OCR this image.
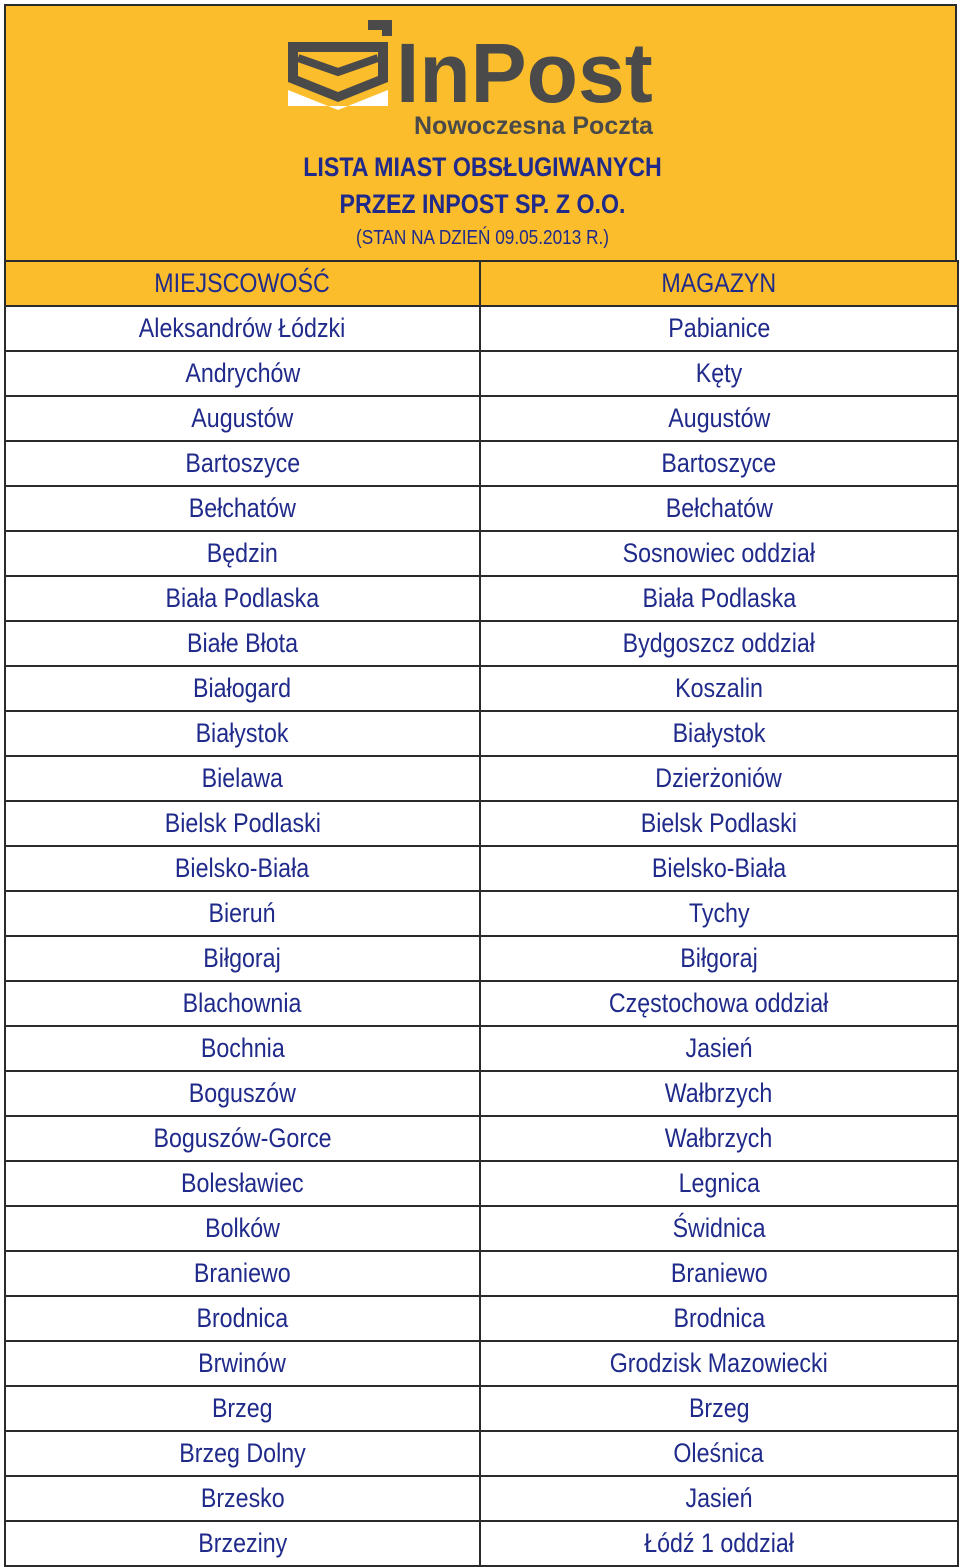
InPost
Nowoczesna Poczta
LISTA MIAST OBSŁUGIWANYCH
PRZEZ INPOST SP. Z O.O.
(STAN NA DZIEŃ 09.05.2013 R.)
MIEJSCOWOŚĆ	MAGAZYN
Aleksandrów Łódzki	Pabianice
Andrychów	Kęty
Augustów	Augustów
Bartoszyce	Bartoszyce
Bełchatów	Bełchatów
Będzin	Sosnowiec oddział
Biała Podlaska	Biała Podlaska
Białe Błota	Bydgoszcz oddział
Białogard	Koszalin
Białystok	Białystok
Bielawa	Dzierżoniów
Bielsk Podlaski	Bielsk Podlaski
Bielsko-Biała	Bielsko-Biała
Bieruń	Tychy
Biłgoraj	Biłgoraj
Blachownia	Częstochowa oddział
Bochnia	Jasień
Boguszów	Wałbrzych
Boguszów-Gorce	Wałbrzych
Bolesławiec	Legnica
Bolków	Świdnica
Braniewo	Braniewo
Brodnica	Brodnica
Brwinów	Grodzisk Mazowiecki
Brzeg	Brzeg
Brzeg Dolny	Oleśnica
Brzesko	Jasień
Brzeziny	Łódź 1 oddział
